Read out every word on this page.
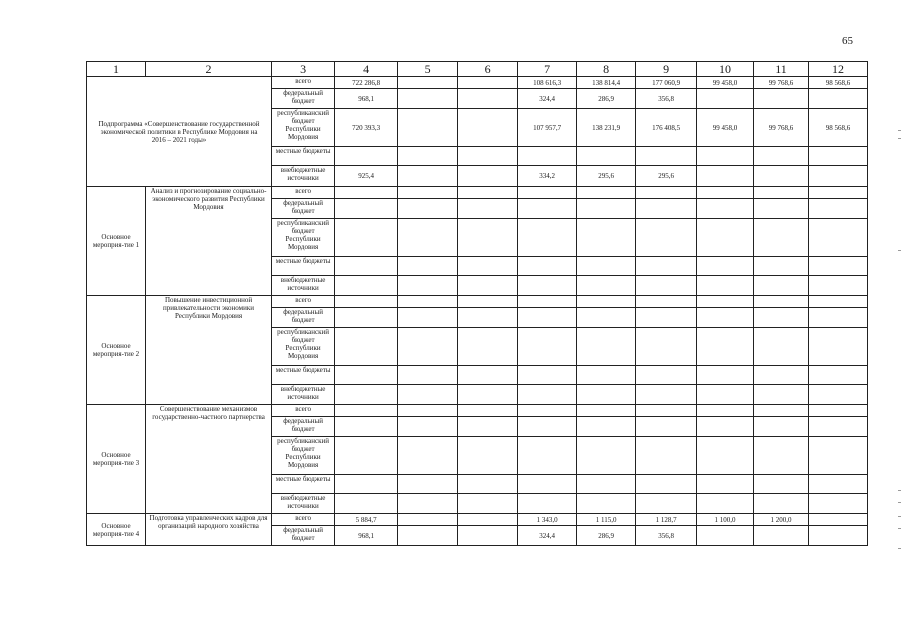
65
1	2	3	4	5	6	7	8	9	10	11	12
Подпрограмма «Совершенствование государственной экономической политики в Республике Мордовия на 2016 – 2021 годы»		всего	722 286,8			108 616,3	138 814,4	177 060,9	99 458,0	99 768,6	98 568,6
		федеральный бюджет	968,1			324,4	286,9	356,8			
		республиканский бюджет Республики Мордовия	720 393,3			107 957,7	138 231,9	176 408,5	99 458,0	99 768,6	98 568,6
		местные бюджеты									
		внебюджетные источники	925,4			334,2	295,6	295,6			
Основное мероприя-тие 1	Анализ и прогнозирование социально-экономического развития Республики Мордовия	всего									
		федеральный бюджет									
		республиканский бюджет Республики Мордовия									
		местные бюджеты									
		внебюджетные источники									
Основное мероприя-тие 2	Повышение инвестиционной привлекательности экономики Республики Мордовия	всего									
		федеральный бюджет									
		республиканский бюджет Республики Мордовия									
		местные бюджеты									
		внебюджетные источники									
Основное мероприя-тие 3	Совершенствование механизмов государственно-частного партнерства	всего									
		федеральный бюджет									
		республиканский бюджет Республики Мордовия									
		местные бюджеты									
		внебюджетные источники									
Основное мероприя-тие 4	Подготовка управленческих кадров для организаций народного хозяйства	всего	5 884,7			1 343,0	1 115,0	1 128,7	1 100,0	1 200,0	
		федеральный бюджет	968,1			324,4	286,9	356,8			
